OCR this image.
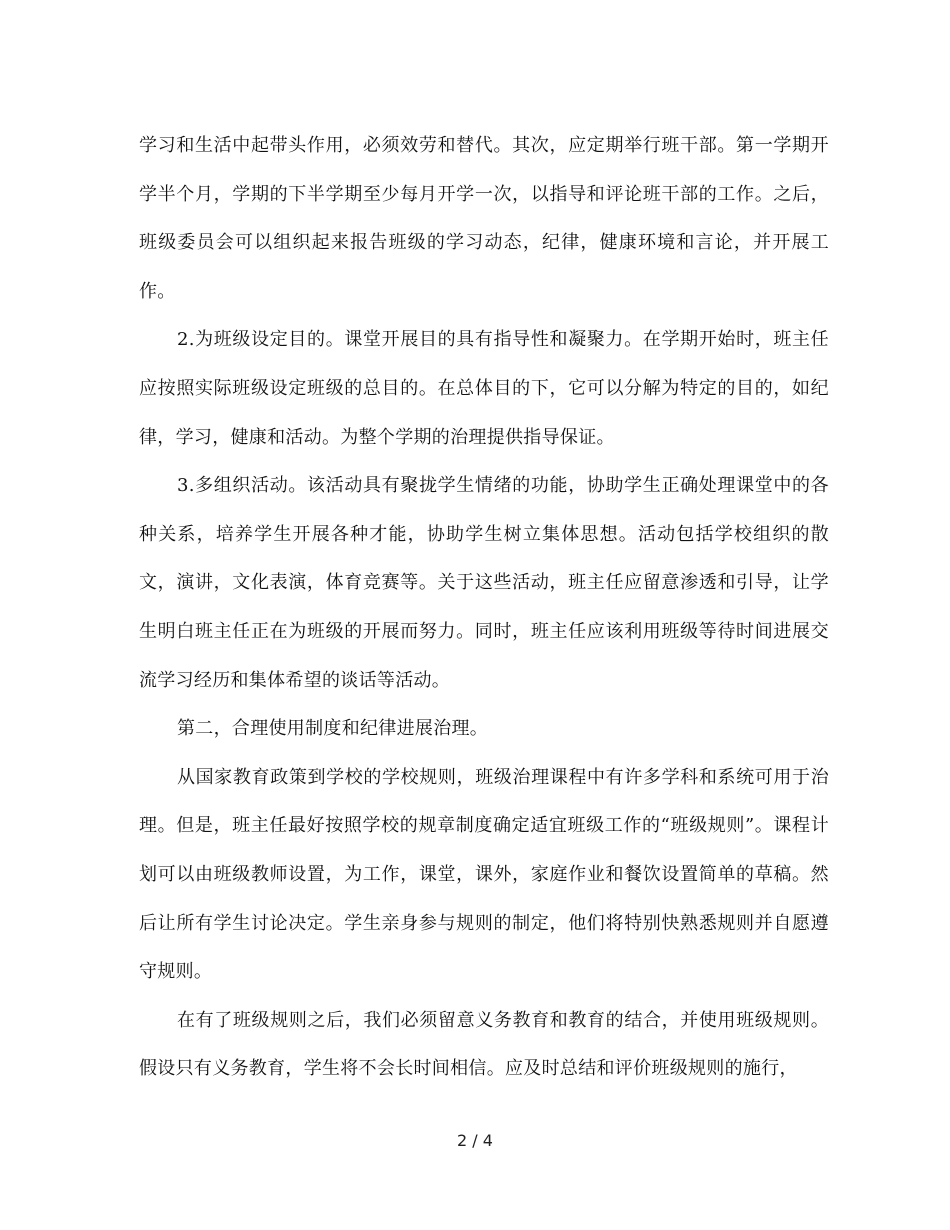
学习和生活中起带头作用，必须效劳和替代。其次，应定期举行班干部。第一学期开学半个月，学期的下半学期至少每月开学一次，以指导和评论班干部的工作。之后，班级委员会可以组织起来报告班级的学习动态，纪律，健康环境和言论，并开展工作。

2.为班级设定目的。课堂开展目的具有指导性和凝聚力。在学期开始时，班主任应按照实际班级设定班级的总目的。在总体目的下，它可以分解为特定的目的，如纪律，学习，健康和活动。为整个学期的治理提供指导保证。

3.多组织活动。该活动具有聚拢学生情绪的功能，协助学生正确处理课堂中的各种关系，培养学生开展各种才能，协助学生树立集体思想。活动包括学校组织的散文，演讲，文化表演，体育竞赛等。关于这些活动，班主任应留意渗透和引导，让学生明白班主任正在为班级的开展而努力。同时，班主任应该利用班级等待时间进展交流学习经历和集体希望的谈话等活动。

第二，合理使用制度和纪律进展治理。

从国家教育政策到学校的学校规则，班级治理课程中有许多学科和系统可用于治理。但是，班主任最好按照学校的规章制度确定适宜班级工作的“班级规则”。课程计划可以由班级教师设置，为工作，课堂，课外，家庭作业和餐饮设置简单的草稿。然后让所有学生讨论决定。学生亲身参与规则的制定，他们将特别快熟悉规则并自愿遵守规则。

在有了班级规则之后，我们必须留意义务教育和教育的结合，并使用班级规则。假设只有义务教育，学生将不会长时间相信。应及时总结和评价班级规则的施行，

2 / 4
